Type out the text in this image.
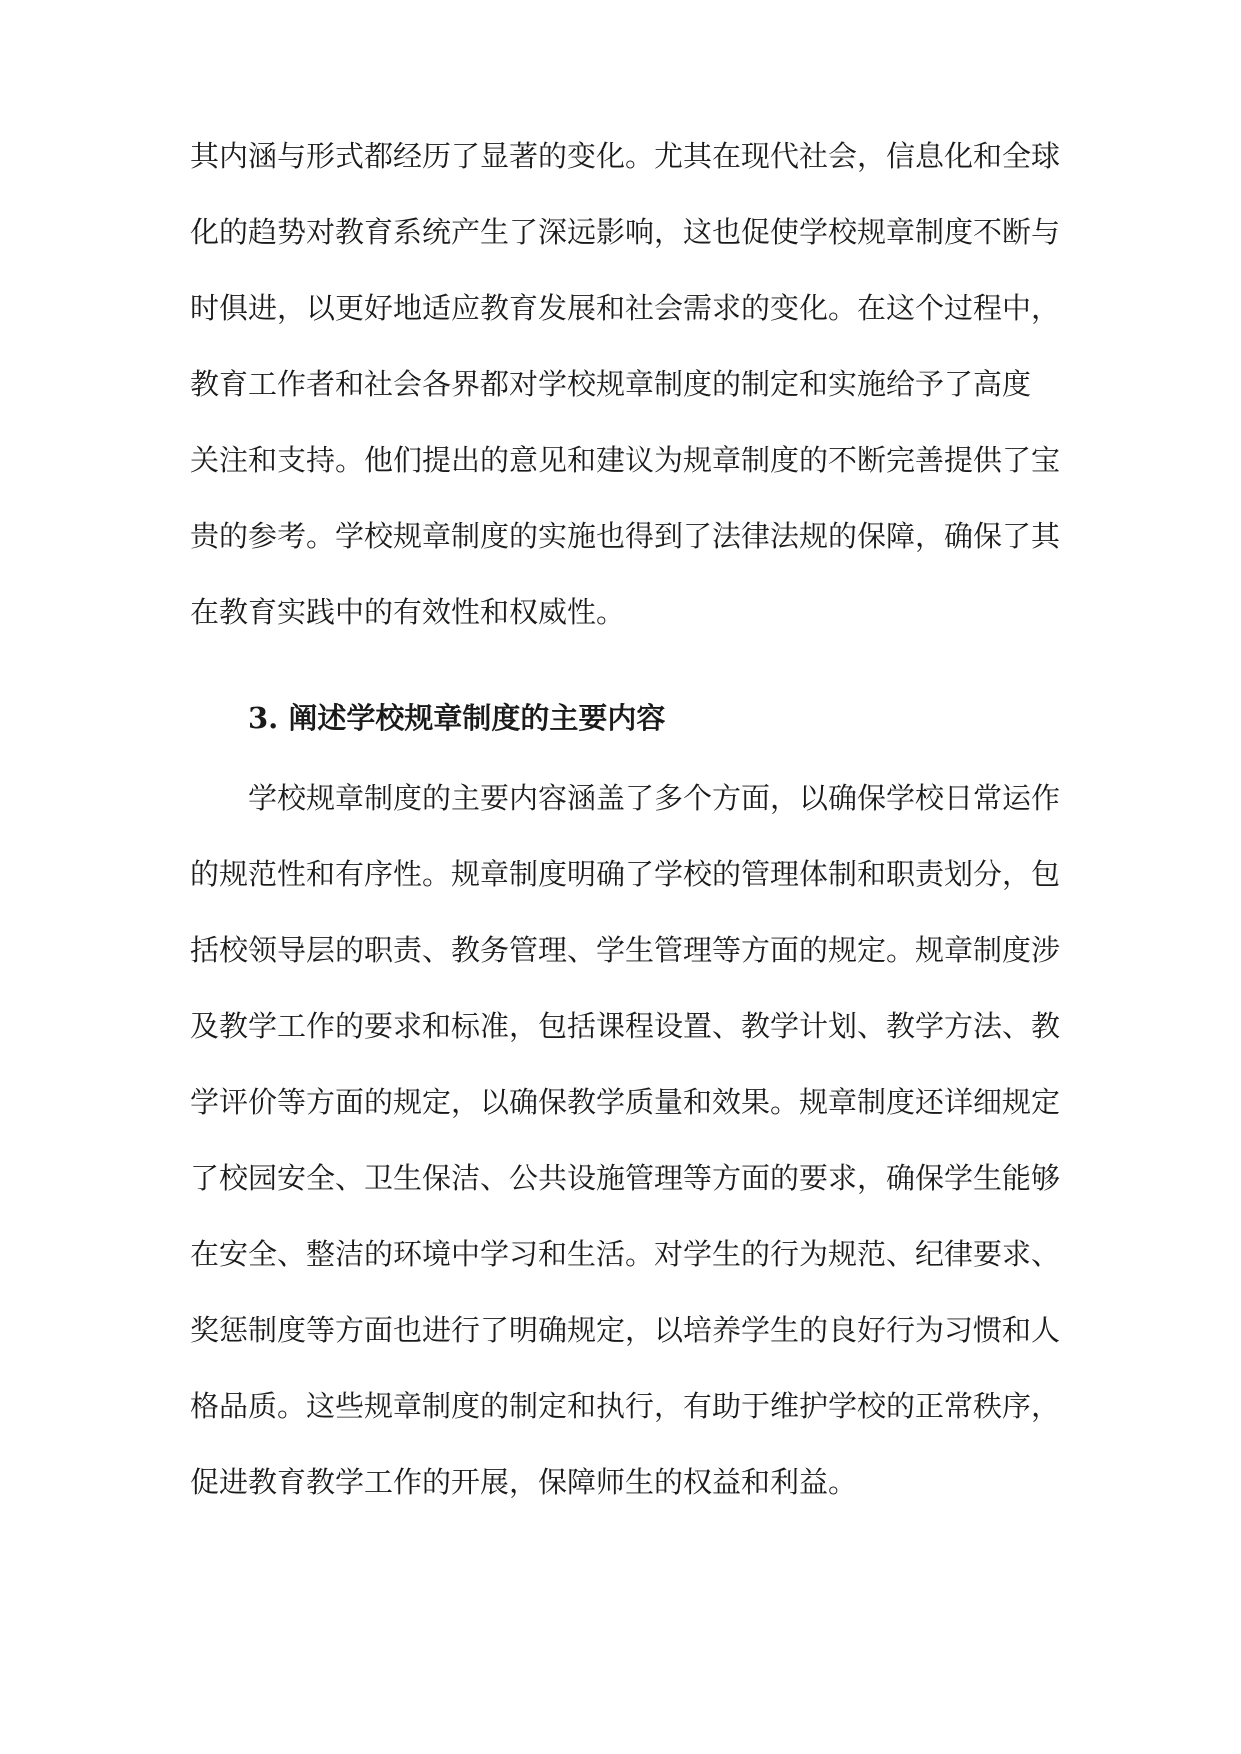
其内涵与形式都经历了显著的变化。尤其在现代社会，信息化和全球
化的趋势对教育系统产生了深远影响，这也促使学校规章制度不断与
时俱进，以更好地适应教育发展和社会需求的变化。在这个过程中，
教育工作者和社会各界都对学校规章制度的制定和实施给予了高度
关注和支持。他们提出的意见和建议为规章制度的不断完善提供了宝
贵的参考。学校规章制度的实施也得到了法律法规的保障，确保了其
在教育实践中的有效性和权威性。
3. 阐述学校规章制度的主要内容
学校规章制度的主要内容涵盖了多个方面，以确保学校日常运作
的规范性和有序性。规章制度明确了学校的管理体制和职责划分，包
括校领导层的职责、教务管理、学生管理等方面的规定。规章制度涉
及教学工作的要求和标准，包括课程设置、教学计划、教学方法、教
学评价等方面的规定，以确保教学质量和效果。规章制度还详细规定
了校园安全、卫生保洁、公共设施管理等方面的要求，确保学生能够
在安全、整洁的环境中学习和生活。对学生的行为规范、纪律要求、
奖惩制度等方面也进行了明确规定，以培养学生的良好行为习惯和人
格品质。这些规章制度的制定和执行，有助于维护学校的正常秩序，
促进教育教学工作的开展，保障师生的权益和利益。
